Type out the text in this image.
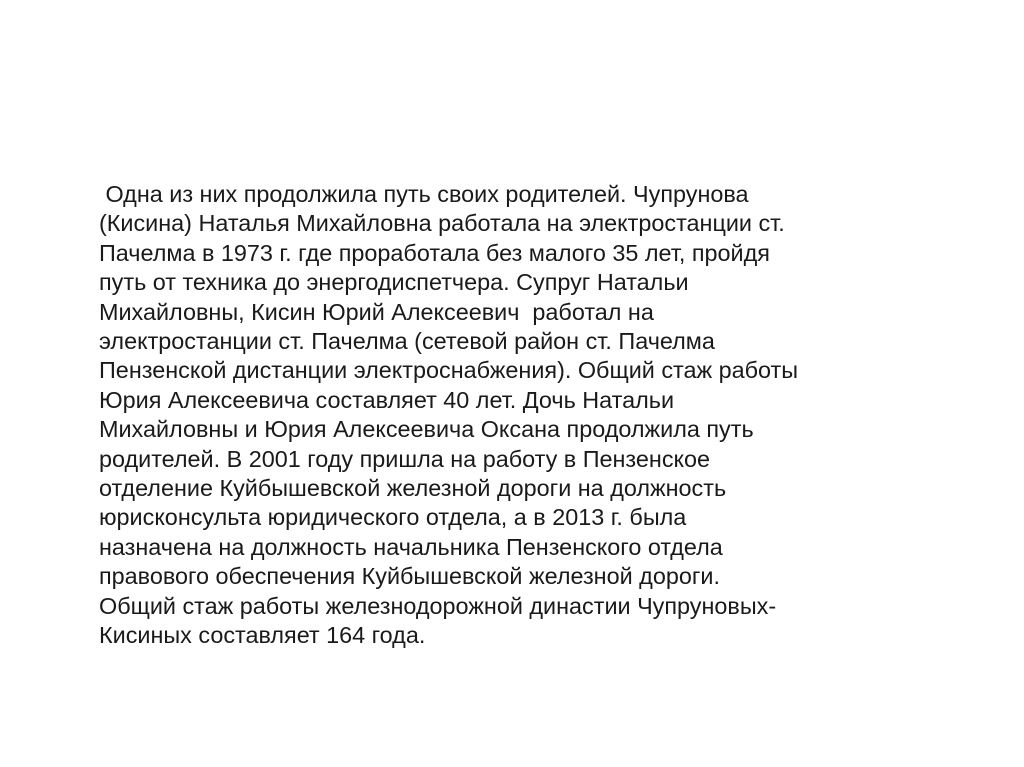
Одна из них продолжила путь своих родителей. Чупрунова
(Кисина) Наталья Михайловна работала на электростанции ст.
Пачелма в 1973 г. где проработала без малого 35 лет, пройдя
путь от техника до энергодиспетчера. Супруг Натальи
Михайловны, Кисин Юрий Алексеевич  работал на
электростанции ст. Пачелма (сетевой район ст. Пачелма
Пензенской дистанции электроснабжения). Общий стаж работы
Юрия Алексеевича составляет 40 лет. Дочь Натальи
Михайловны и Юрия Алексеевича Оксана продолжила путь
родителей. В 2001 году пришла на работу в Пензенское
отделение Куйбышевской железной дороги на должность
юрисконсульта юридического отдела, а в 2013 г. была
назначена на должность начальника Пензенского отдела
правового обеспечения Куйбышевской железной дороги.
Общий стаж работы железнодорожной династии Чупруновых-
Кисиных составляет 164 года.
